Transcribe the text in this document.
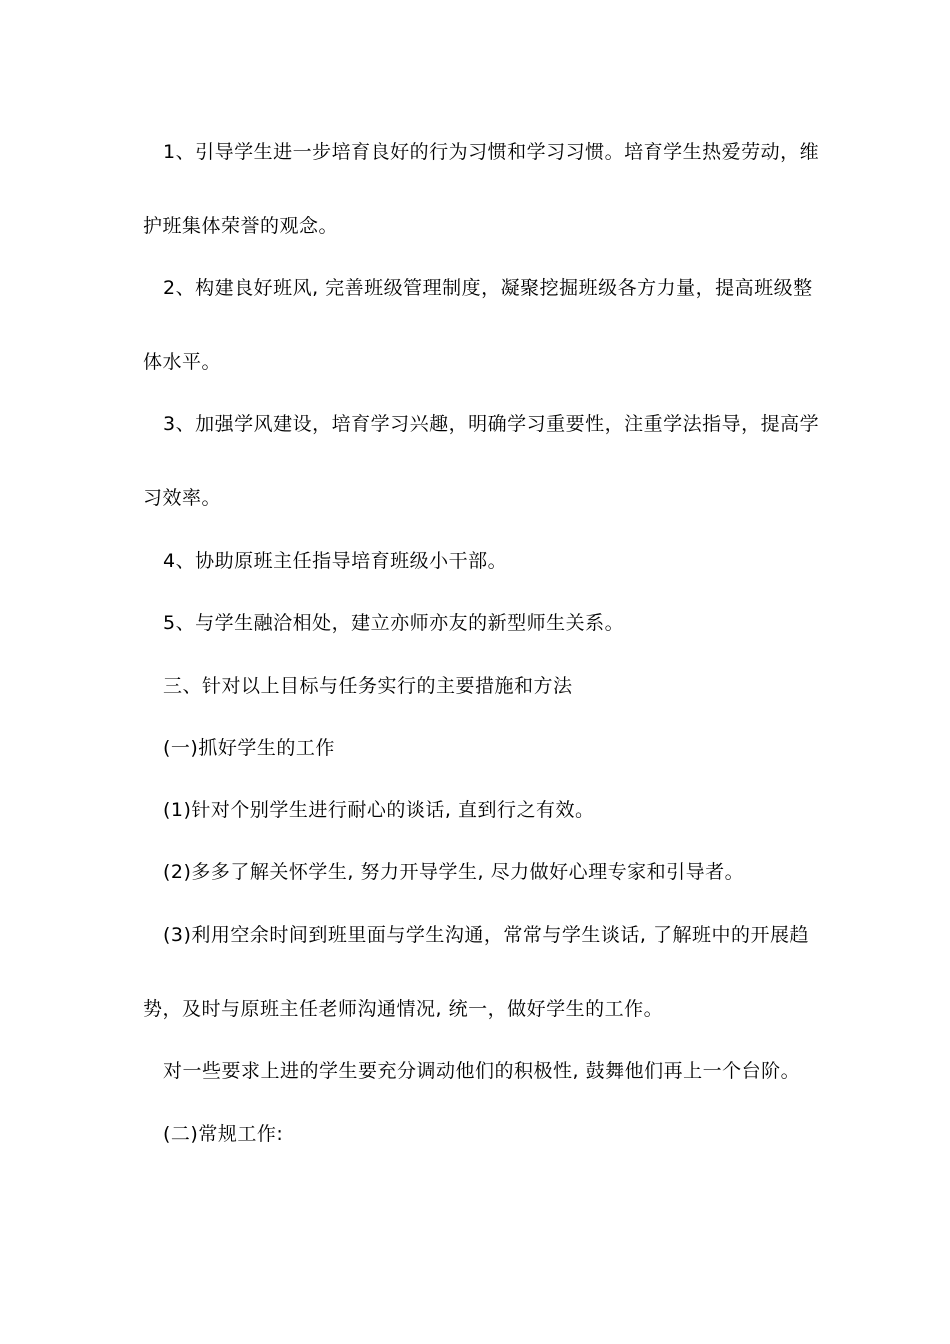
1、引导学生进一步培育良好的行为习惯和学习习惯。培育学生热爱劳动，维
护班集体荣誉的观念。
2、构建良好班风, 完善班级管理制度，凝聚挖掘班级各方力量，提高班级整
体水平。
3、加强学风建设，培育学习兴趣，明确学习重要性，注重学法指导，提高学
习效率。
4、协助原班主任指导培育班级小干部。
5、与学生融洽相处，建立亦师亦友的新型师生关系。
三、针对以上目标与任务实行的主要措施和方法
(一)抓好学生的工作
(1)针对个别学生进行耐心的谈话, 直到行之有效。
(2)多多了解关怀学生, 努力开导学生, 尽力做好心理专家和引导者。
(3)利用空余时间到班里面与学生沟通，常常与学生谈话, 了解班中的开展趋
势，及时与原班主任老师沟通情况, 统一，做好学生的工作。
对一些要求上进的学生要充分调动他们的积极性, 鼓舞他们再上一个台阶。
(二)常规工作:
